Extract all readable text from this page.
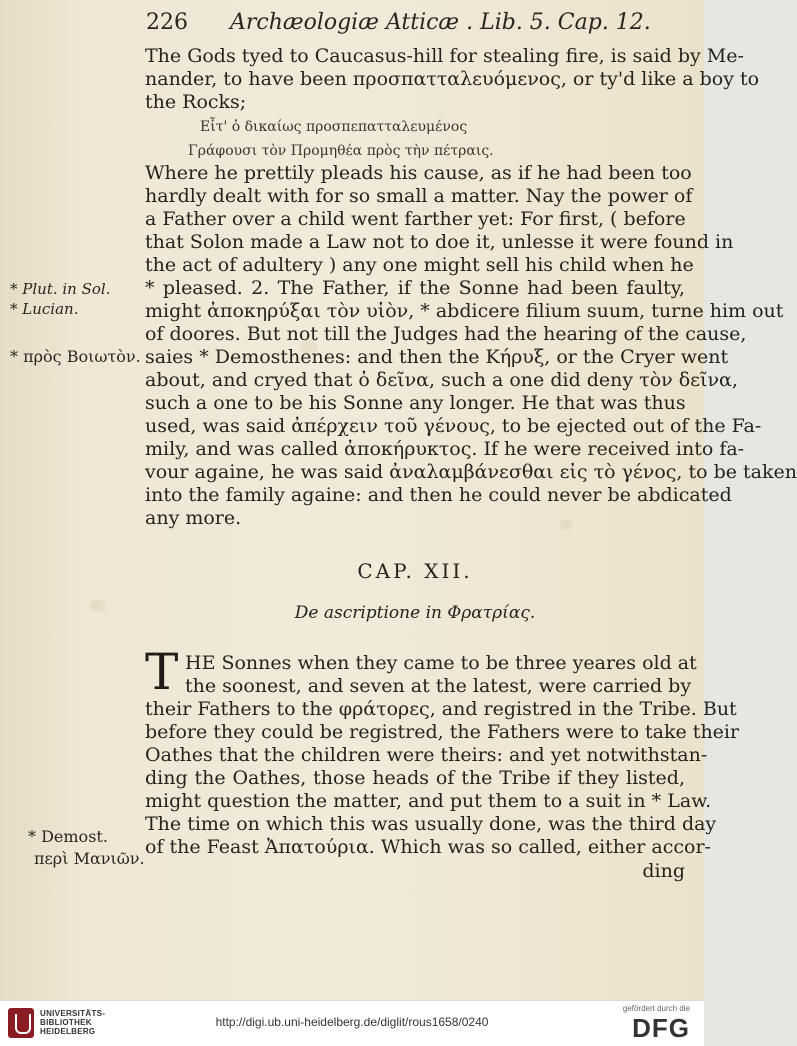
226 Archæologiæ Atticæ . Lib. 5. Cap. 12.
The Gods tyed to Caucasus-hill for stealing fire, is said by Me-
nander, to have been προσπατταλευόμενος, or ty'd like a boy to
the Rocks;
Εἶτ' ὁ δικαίως προσπεπατταλευμένος
Γράφουσι τὸν Προμηθέα πρὸς τὴν πέτραις.
Where he prettily pleads his cause, as if he had been too
hardly dealt with for so small a matter. Nay the power of
a Father over a child went farther yet: For first, ( before
that Solon made a Law not to doe it, unlesse it were found in
the act of adultery ) any one might sell his child when he
* pleased. 2. The Father, if the Sonne had been faulty,
might ἀποκηρύξαι τὸν υἱὸν, * abdicere filium suum, turne him out
of doores. But not till the Judges had the hearing of the cause,
saies * Demosthenes: and then the Κήρυξ, or the Cryer went
about, and cryed that ὁ δεῖνα, such a one did deny τὸν δεῖνα,
such a one to be his Sonne any longer. He that was thus
used, was said ἀπέρχειν τοῦ γένους, to be ejected out of the Fa-
mily, and was called ἀποκήρυκτος. If he were received into fa-
vour againe, he was said ἀναλαμβάνεσθαι εἰς τὸ γένος, to be taken
into the family againe: and then he could never be abdicated
any more.
CAP. XII.
De ascriptione in Φρατρίας.
T HE Sonnes when they came to be three yeares old at
the soonest, and seven at the latest, were carried by
their Fathers to the φράτορες, and registred in the Tribe. But
before they could be registred, the Fathers were to take their
Oathes that the children were theirs: and yet notwithstan-
ding the Oathes, those heads of the Tribe if they listed,
might question the matter, and put them to a suit in * Law.
The time on which this was usually done, was the third day
of the Feast Ἀπατούρια. Which was so called, either accor-
ding
* Plut. in Sol.
* Lucian.
* πρὸς Βοιωτὸν.
* Demost.
περὶ Μανιῶν.
UNIVERSITÄTS-
BIBLIOTHEK
HEIDELBERG
http://digi.ub.uni-heidelberg.de/diglit/rous1658/0240
gefördert durch die
DFG
